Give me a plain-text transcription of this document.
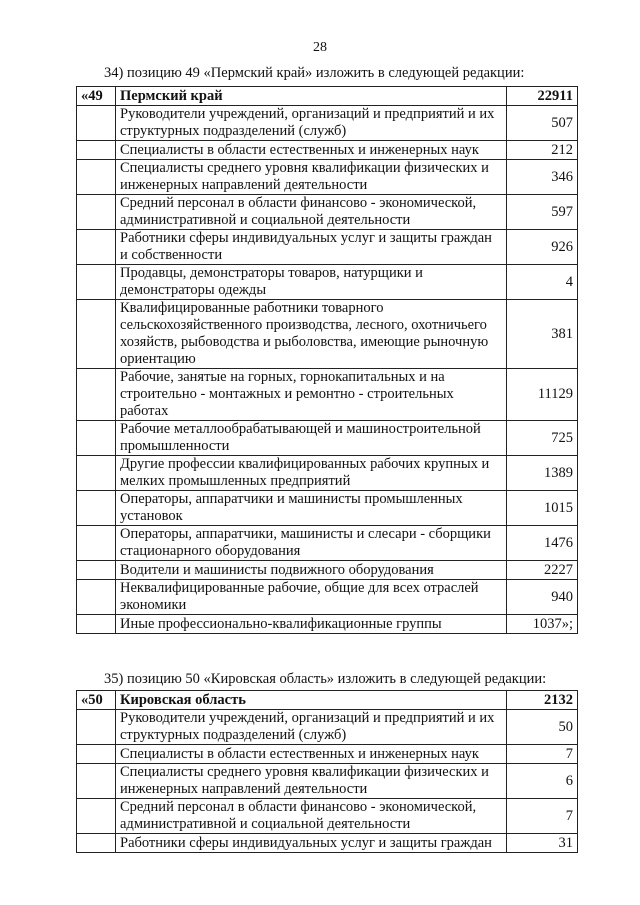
28
34) позицию 49 «Пермский край» изложить в следующей редакции:
«49	Пермский край	22911
	Руководители учреждений, организаций и предприятий и их структурных подразделений (служб)	507
	Специалисты в области естественных и инженерных наук	212
	Специалисты среднего уровня квалификации физических и инженерных направлений деятельности	346
	Средний персонал в области финансово - экономической, административной и социальной деятельности	597
	Работники сферы индивидуальных услуг и защиты граждан и собственности	926
	Продавцы, демонстраторы товаров, натурщики и демонстраторы одежды	4
	Квалифицированные работники товарного сельскохозяйственного производства, лесного, охотничьего хозяйств, рыбоводства и рыболовства, имеющие рыночную ориентацию	381
	Рабочие, занятые на горных, горнокапитальных и на строительно - монтажных и ремонтно - строительных работах	11129
	Рабочие металлообрабатывающей и машиностроительной промышленности	725
	Другие профессии квалифицированных рабочих крупных и мелких промышленных предприятий	1389
	Операторы, аппаратчики и машинисты промышленных установок	1015
	Операторы, аппаратчики, машинисты и слесари - сборщики стационарного оборудования	1476
	Водители и машинисты подвижного оборудования	2227
	Неквалифицированные рабочие, общие для всех отраслей экономики	940
	Иные профессионально-квалификационные группы	1037»;
35) позицию 50 «Кировская область» изложить в следующей редакции:
«50	Кировская область	2132
	Руководители учреждений, организаций и предприятий и их структурных подразделений (служб)	50
	Специалисты в области естественных и инженерных наук	7
	Специалисты среднего уровня квалификации физических и инженерных направлений деятельности	6
	Средний персонал в области финансово - экономической, административной и социальной деятельности	7
	Работники сферы индивидуальных услуг и защиты граждан	31
